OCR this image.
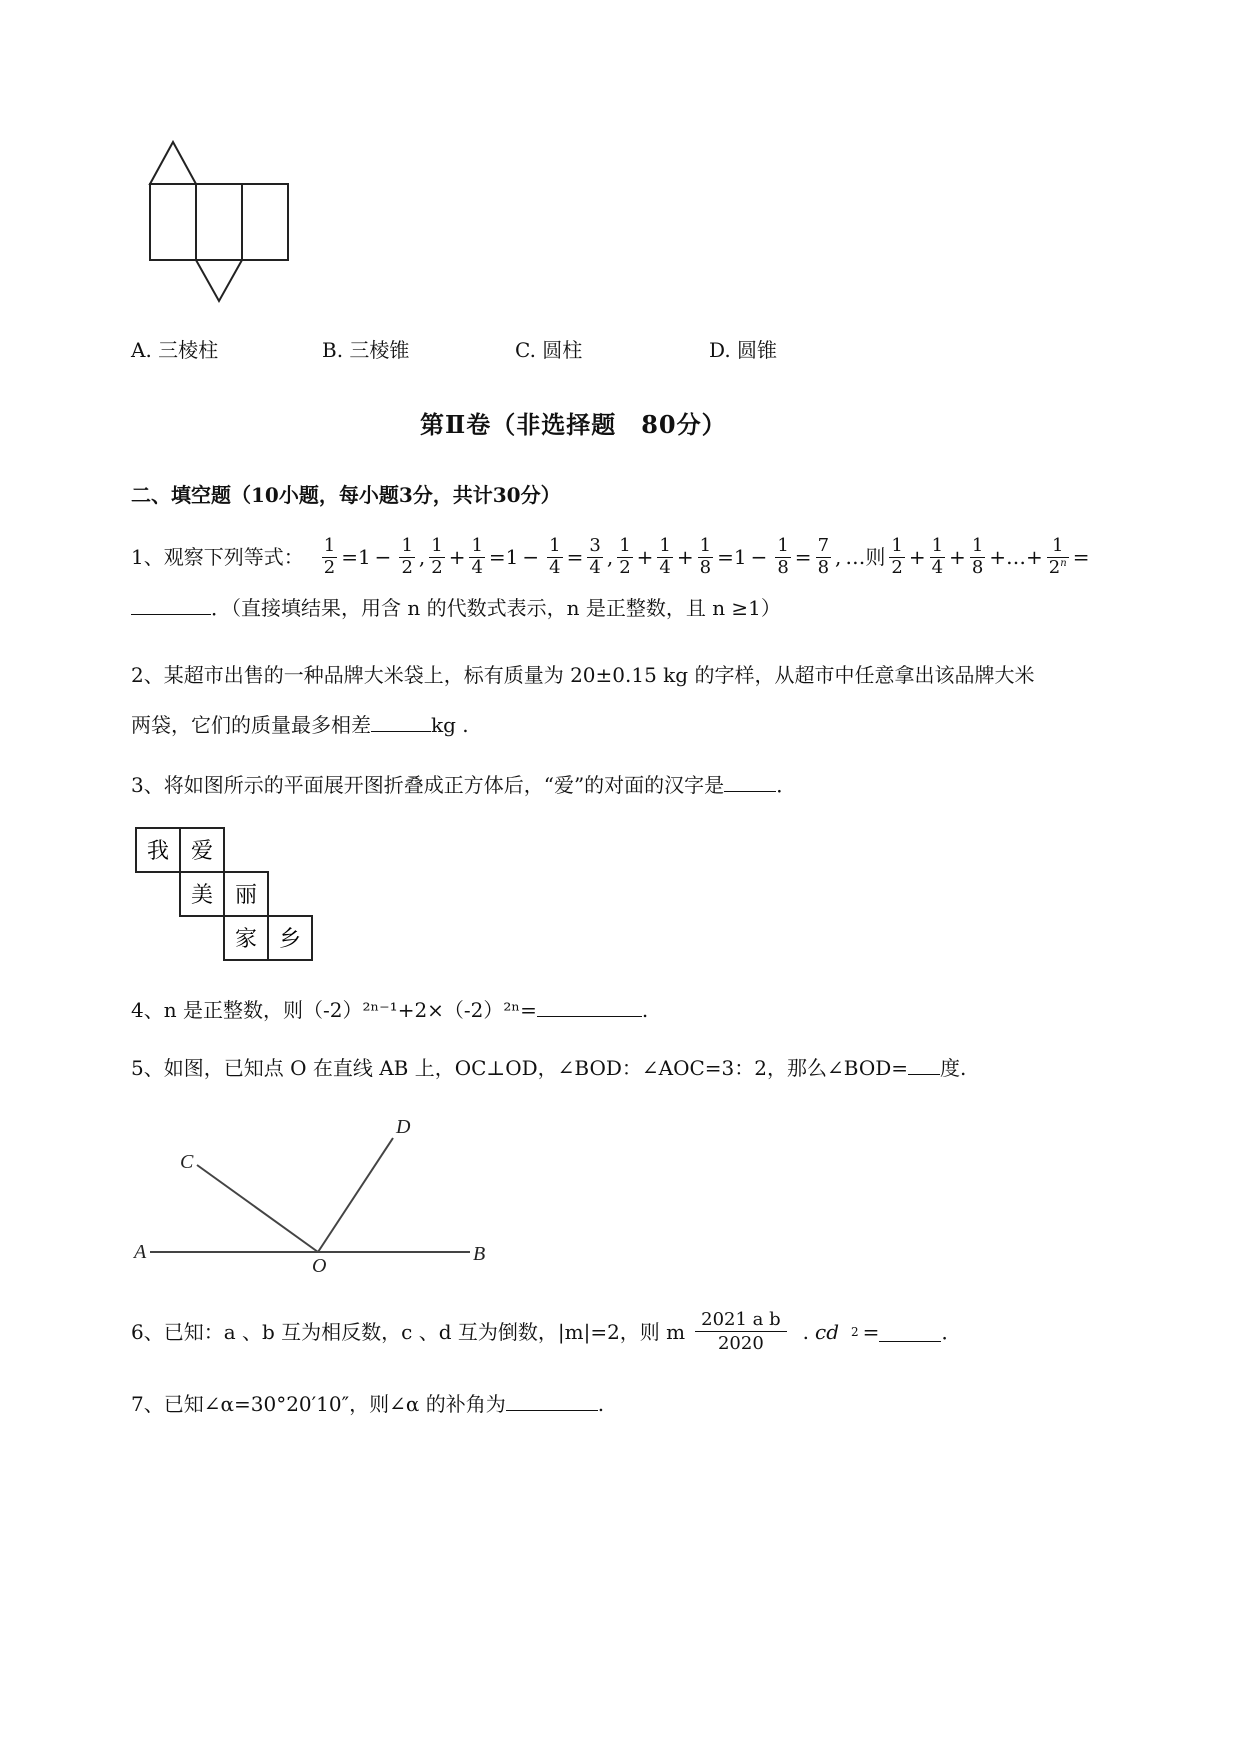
A. 三棱柱	B. 三棱锥	C. 圆柱	D. 圆锥
第Ⅱ卷（非选择题　80分）
二、填空题（10小题，每小题3分，共计30分）
1、观察下列等式： $\frac{1}{2} =1 - \frac{1}{2}$ , $\frac{1}{2} + \frac{1}{4} =1 - \frac{1}{4} = \frac{3}{4}$ , $\frac{1}{2} + \frac{1}{4} + \frac{1}{8} =1 - \frac{1}{8} = \frac{7}{8}$ , …则 $\frac{1}{2} + \frac{1}{4} + \frac{1}{8}$ +…+ $\frac{1}{2^n}$ =
．（直接填结果，用含 n 的代数式表示，n 是正整数，且 n ≥1）
2、某超市出售的一种品牌大米袋上，标有质量为 20±0.15 kg 的字样，从超市中任意拿出该品牌大米
两袋，它们的质量最多相差	kg .
3、将如图所示的平面展开图折叠成正方体后，“爱”的对面的汉字是	．
我 爱
美 丽
家 乡
4、n 是正整数，则（-2）²ⁿ⁻¹+2×（-2）²ⁿ=	.
5、如图，已知点 O 在直线 AB 上，OC⊥OD，∠BOD：∠AOC=3：2，那么∠BOD= 度.
A	B
C
D
O
6、已知：a 、b 互为相反数，c 、d 互为倒数，|m|=2，则 m $\frac{\text{2021 a b}}{2020}$ . cd 2 =	．
7、已知∠α=30°20′10″，则∠α 的补角为	.
